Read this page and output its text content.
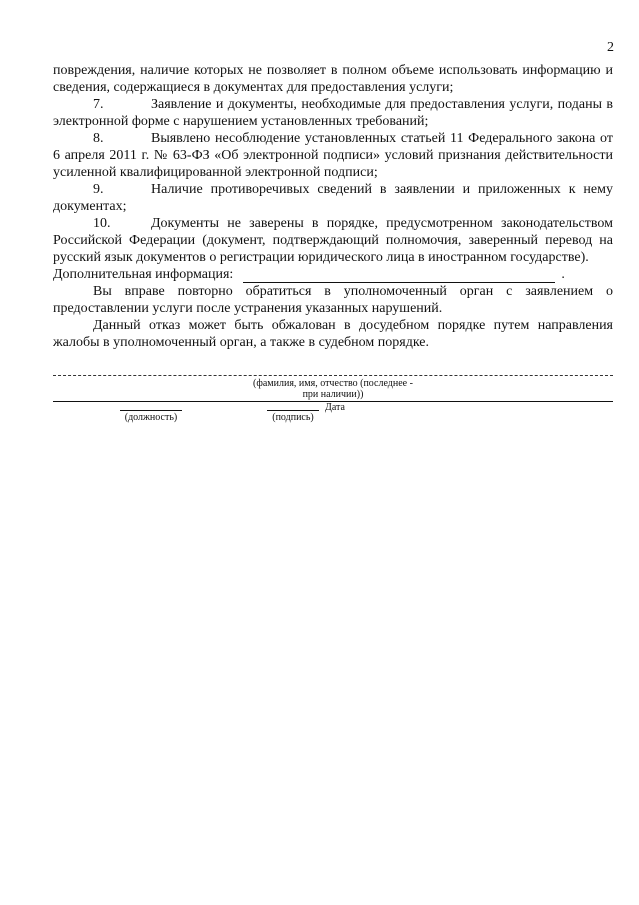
2

повреждения, наличие которых не позволяет в полном объеме использовать информацию и сведения, содержащиеся в документах для предоставления услуги;

7.	Заявление и документы, необходимые для предоставления услуги, поданы в электронной форме с нарушением установленных требований;

8.	Выявлено несоблюдение установленных статьей 11 Федерального закона от 6 апреля 2011 г. № 63-ФЗ «Об электронной подписи» условий признания действительности усиленной квалифицированной электронной подписи;

9.	Наличие противоречивых сведений в заявлении и приложенных к нему документах;

10.	Документы не заверены в порядке, предусмотренном законодательством Российской Федерации (документ, подтверждающий полномочия, заверенный перевод на русский язык документов о регистрации юридического лица в иностранном государстве).

Дополнительная информация:	.

Вы вправе повторно обратиться в уполномоченный орган с заявлением о предоставлении услуги после устранения указанных нарушений.

Данный отказ может быть обжалован в досудебном порядке путем направления жалобы в уполномоченный орган, а также в судебном порядке.

(фамилия, имя, отчество (последнее -
при наличии))
(должность)	(подпись)
Дата
